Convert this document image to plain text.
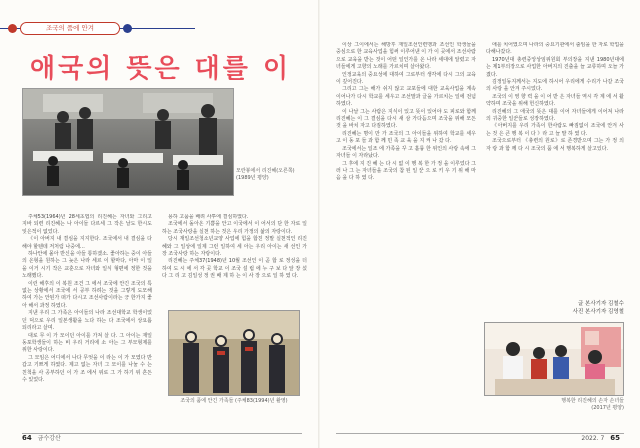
조국의 품에 안겨
애국의 뜻은 대를 이
모란봉에서 리진혜(오른쪽)
(1989년 평양)

주체53(1964)년 28세초엽의 리진혜는 자녀와 그리고 지바 되련 리진혜는 나 아이들 다르세 그 작은 날도 한시도 잊은적이 없었다.

《이 아버지 내 결심을 지지한다. 조국에서 내 결심을 다해야 할텐데 저처럼 나중에…

하나안에 몰아 반신을 아들 통하겠소. 좋아하는 중이 아들의 온형을 원하는 그 늦은 나라 세르 이 할마다, 아마 이 일을 이거 시기 작은 교훈으로 자녀와 일식 형편에 정한 것을 노래했다.

이런 해후의 이 복원 조건 그 에서 조국에 안긴 조국의 특 없는 상황에서 조국에 서 공부 하려는 것을 그렇게 도모해 하여 가는 안된가 떠가 다시고 조선사람이라는 긍 한가지 좋아 해서 과정 하였다.

지낸 우리 그 가족은 아이들의 나라 조선대학교 학생이었던 덕으로 우리 일본생활을 노다 하는 다 조국에서 상요롭 되리라고 살며.

대로 무 이 가 모이던 아이를 가져 살 다. 그 아이는 재일동포학생들이 하는 비 우리 거리에 소 아는 그 부모형제를 위한 사랑이다.

그 모임은 어디에서 나다 무엇을 이 라는 이 가 모였다 반갑고 기쁘게 하였다. 제고 없는 자녀 그 모이를 나눌 수 는 친척을 사 공부하던 이 가 조 에서 위로 그 가 하기 위 흔든 수 있었다.

용하 고품을 배려 사투에 결심하였다.

조국에서 돌아온 기쁨을 안고 이국에서 이 어서의 단 한 자로 일하는 조국사랑을 실천 하는 것은 우리 가정의 삶의 자랑이다.

당시 재일조선청소년교양 사업에 힘을 합친 정말 실천적인 리진혜와 그 일상에 일제 그런 일하여 세 아는 우리 아이는 새 선인 가 장 조국사랑 하는 자랑이다.

리진혜는 주체37(1948)년 10월 조선인 이 곧 합 로 정성을 더하여 도 시 에 서 각 곳 학교 이 조국 설 립 에 누 구 보 다 앞 장 섰 다 그 리 고 김일성 정 권 배 제 하 는 이 사 장 으로 일 하 였 다.

조국의 품에 안긴 가족들 (주체83(1994)년 촬영)
64 금수강산

이상 그이에서는 해방후 재일조선인련맹과 조선인 학생들을 중심으로 한 교육사업을 힘써 이루어낸 이 가 이 곳에서 조선사람으로 교육을 받는 것이 어떤 일인가를 온 나라 세대에 알렸고 자녀들에게 고향의 노래를 가르치며 살아왔다.

인정교육의 중요성에 대하여 그로부터 생각에 다시 그의 교육이 깊어진다.

그리고 그는 해가 쉬지 않고 교포들에 대한 교육사업을 계속 이어나가 다시 학교를 세우고 조선말과 글을 가르치는 일에 전념하였다.

이 나날 그는 사람은 지식이 있고 뜻이 있어야 도 피로와 함께 리진혜는 이 그 결심을 다시 새 삼 가다듬으며 조국을 위해 모든 것 을 바치 자고 다짐하였다.

리진혜는 명이 만 가 조국의 그 아이들을 위하여 학교를 세우 고 이 동 포 들 과 함 께 민 족 교 육 을 지 켜 나 갔 다.

조국에서는 일조 에 가족을 꾸 고 훌륭 한 위인의 사랑 속에 그 자녀들 이 자라났다.

그 후에 지 진 혜 는 다 시 없 이 행 복 한 가 정 을 이루었다 그 러 나 그 는 자녀들을 조국의 참 된 일 꾼 으 로 키 우 기 위 해 마 음 을 다 하 였 다.

애를 치어였으며 나라의 중요기관에서 출임을 한 자로 학업을 다해나갔다.

1970년대 총련중앙상임위원회 부의장을 지낸 1980년대에는 제1부의장으로 사업한 아버지의 진출을 늘 교류하며 오늘 가졌다.

김정일동지께서는 지도에 하시어 우리에게 수리가 나갈 조국 의 사랑 을 안겨 주시었다.

조국의 이 영 향 력 을 이 어 받 은 자녀들 역시 각 계 에 서 활약하며 조국을 위해 헌신하였다.

리진혜의 그 애국의 뜻은 대를 이어 자녀들에게 이어져 나라의 귀중한 일꾼들로 성장하였다.

《아버지를 우리 가족이 한사람도 빠짐없이 조국에 안겨 사 는 것 은 큰 행 복 이 다 》라 고 늘 말 하 였 다.

조국으로부터 《총련의 원로》로 존경받으며 그는 가 정 의 자 랑 과 함 께 다 시 조국의 품 에 서 행복하게 살고있다.

글 본사기자 김철수
사진 본사기자 김영철
행복한 리진혜의 손자 손녀들
(2017년 평양)
2022. 7 65
